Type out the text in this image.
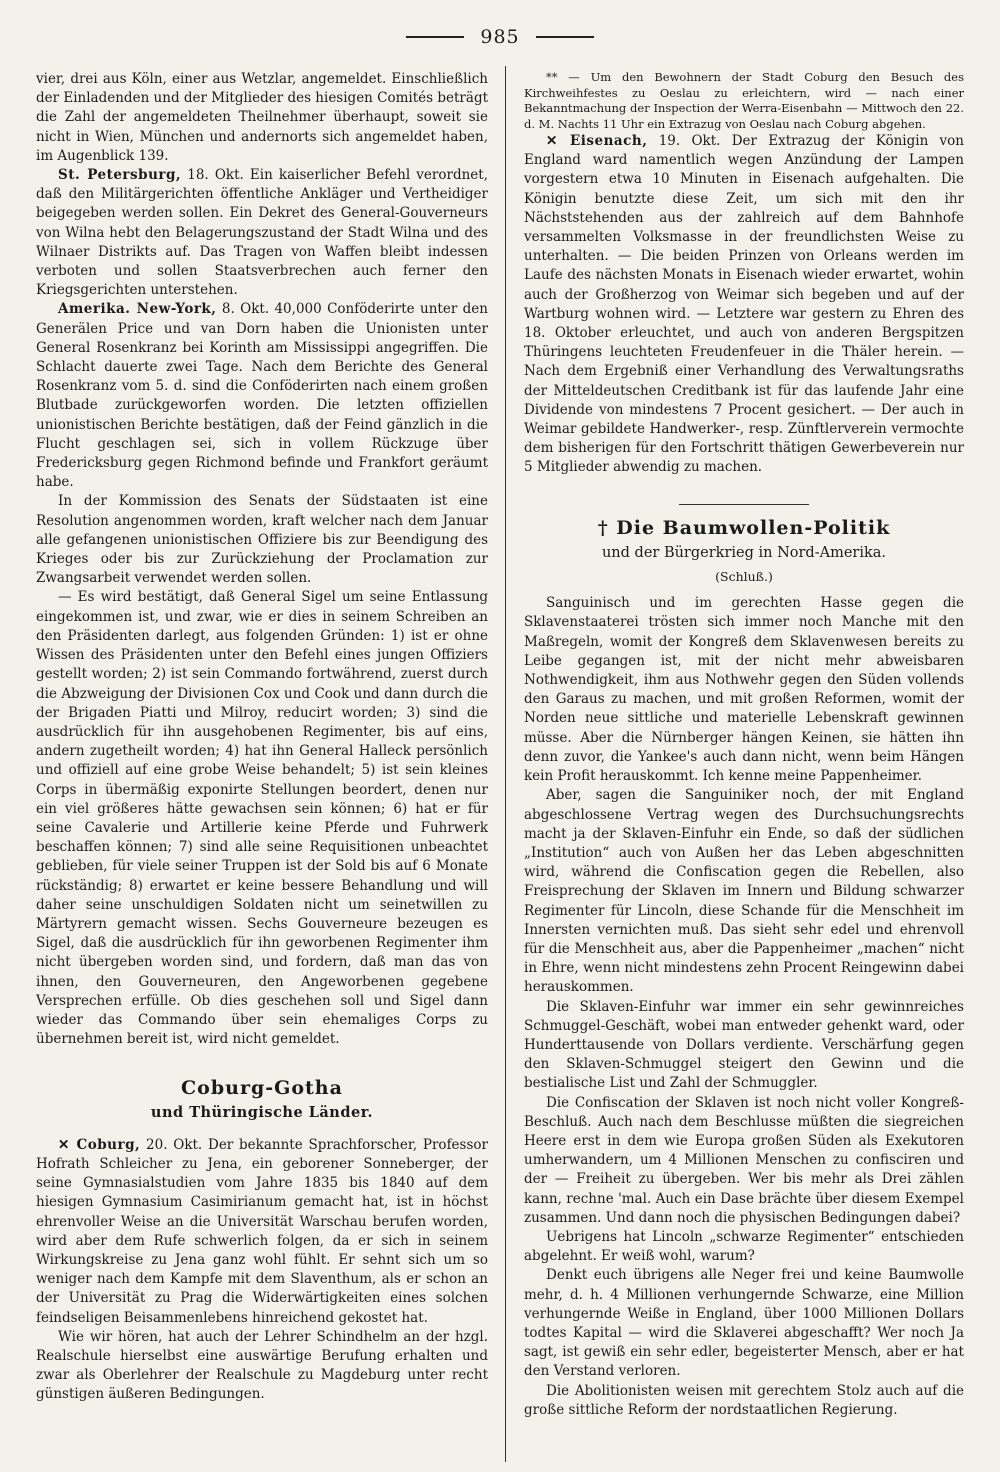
985

vier, drei aus Köln, einer aus Wetzlar, angemeldet. Einschließlich der Einladenden und der Mitglieder des hiesigen Comités beträgt die Zahl der angemeldeten Theilnehmer überhaupt, soweit sie nicht in Wien, München und andernorts sich angemeldet haben, im Augenblick 139.

St. Petersburg, 18. Okt. Ein kaiserlicher Befehl verordnet, daß den Militärgerichten öffentliche Ankläger und Vertheidiger beigegeben werden sollen. Ein Dekret des General-Gouverneurs von Wilna hebt den Belagerungszustand der Stadt Wilna und des Wilnaer Distrikts auf. Das Tragen von Waffen bleibt indessen verboten und sollen Staatsverbrechen auch ferner den Kriegsgerichten unterstehen.

Amerika. New-York, 8. Okt. 40,000 Conföderirte unter den Generälen Price und van Dorn haben die Unionisten unter General Rosenkranz bei Korinth am Mississippi angegriffen. Die Schlacht dauerte zwei Tage. Nach dem Berichte des General Rosenkranz vom 5. d. sind die Conföderirten nach einem großen Blutbade zurückgeworfen worden. Die letzten offiziellen unionistischen Berichte bestätigen, daß der Feind gänzlich in die Flucht geschlagen sei, sich in vollem Rückzuge über Fredericksburg gegen Richmond befinde und Frankfort geräumt habe.

In der Kommission des Senats der Südstaaten ist eine Resolution angenommen worden, kraft welcher nach dem Januar alle gefangenen unionistischen Offiziere bis zur Beendigung des Krieges oder bis zur Zurückziehung der Proclamation zur Zwangsarbeit verwendet werden sollen.

— Es wird bestätigt, daß General Sigel um seine Entlassung eingekommen ist, und zwar, wie er dies in seinem Schreiben an den Präsidenten darlegt, aus folgenden Gründen: 1) ist er ohne Wissen des Präsidenten unter den Befehl eines jungen Offiziers gestellt worden; 2) ist sein Commando fortwährend, zuerst durch die Abzweigung der Divisionen Cox und Cook und dann durch die der Brigaden Piatti und Milroy, reducirt worden; 3) sind die ausdrücklich für ihn ausgehobenen Regimenter, bis auf eins, andern zugetheilt worden; 4) hat ihn General Halleck persönlich und offiziell auf eine grobe Weise behandelt; 5) ist sein kleines Corps in übermäßig exponirte Stellungen beordert, denen nur ein viel größeres hätte gewachsen sein können; 6) hat er für seine Cavalerie und Artillerie keine Pferde und Fuhrwerk beschaffen können; 7) sind alle seine Requisitionen unbeachtet geblieben, für viele seiner Truppen ist der Sold bis auf 6 Monate rückständig; 8) erwartet er keine bessere Behandlung und will daher seine unschuldigen Soldaten nicht um seinetwillen zu Märtyrern gemacht wissen. Sechs Gouverneure bezeugen es Sigel, daß die ausdrücklich für ihn geworbenen Regimenter ihm nicht übergeben worden sind, und fordern, daß man das von ihnen, den Gouverneuren, den Angeworbenen gegebene Versprechen erfülle. Ob dies geschehen soll und Sigel dann wieder das Commando über sein ehemaliges Corps zu übernehmen bereit ist, wird nicht gemeldet.

Coburg-Gotha
und Thüringische Länder.

✕ Coburg, 20. Okt. Der bekannte Sprachforscher, Professor Hofrath Schleicher zu Jena, ein geborener Sonneberger, der seine Gymnasialstudien vom Jahre 1835 bis 1840 auf dem hiesigen Gymnasium Casimirianum gemacht hat, ist in höchst ehrenvoller Weise an die Universität Warschau berufen worden, wird aber dem Rufe schwerlich folgen, da er sich in seinem Wirkungskreise zu Jena ganz wohl fühlt. Er sehnt sich um so weniger nach dem Kampfe mit dem Slaventhum, als er schon an der Universität zu Prag die Widerwärtigkeiten eines solchen feindseligen Beisammenlebens hinreichend gekostet hat.

Wie wir hören, hat auch der Lehrer Schindhelm an der hzgl. Realschule hierselbst eine auswärtige Berufung erhalten und zwar als Oberlehrer der Realschule zu Magdeburg unter recht günstigen äußeren Bedingungen.

** — Um den Bewohnern der Stadt Coburg den Besuch des Kirchweihfestes zu Oeslau zu erleichtern, wird — nach einer Bekanntmachung der Inspection der Werra-Eisenbahn — Mittwoch den 22. d. M. Nachts 11 Uhr ein Extrazug von Oeslau nach Coburg abgehen.

✕ Eisenach, 19. Okt. Der Extrazug der Königin von England ward namentlich wegen Anzündung der Lampen vorgestern etwa 10 Minuten in Eisenach aufgehalten. Die Königin benutzte diese Zeit, um sich mit den ihr Nächststehenden aus der zahlreich auf dem Bahnhofe versammelten Volksmasse in der freundlichsten Weise zu unterhalten. — Die beiden Prinzen von Orleans werden im Laufe des nächsten Monats in Eisenach wieder erwartet, wohin auch der Großherzog von Weimar sich begeben und auf der Wartburg wohnen wird. — Letztere war gestern zu Ehren des 18. Oktober erleuchtet, und auch von anderen Bergspitzen Thüringens leuchteten Freudenfeuer in die Thäler herein. — Nach dem Ergebniß einer Verhandlung des Verwaltungsraths der Mitteldeutschen Creditbank ist für das laufende Jahr eine Dividende von mindestens 7 Procent gesichert. — Der auch in Weimar gebildete Handwerker-, resp. Zünftlerverein vermochte dem bisherigen für den Fortschritt thätigen Gewerbeverein nur 5 Mitglieder abwendig zu machen.

† Die Baumwollen-Politik
und der Bürgerkrieg in Nord-Amerika.
(Schluß.)

Sanguinisch und im gerechten Hasse gegen die Sklavenstaaterei trösten sich immer noch Manche mit den Maßregeln, womit der Kongreß dem Sklavenwesen bereits zu Leibe gegangen ist, mit der nicht mehr abweisbaren Nothwendigkeit, ihm aus Nothwehr gegen den Süden vollends den Garaus zu machen, und mit großen Reformen, womit der Norden neue sittliche und materielle Lebenskraft gewinnen müsse. Aber die Nürnberger hängen Keinen, sie hätten ihn denn zuvor, die Yankee's auch dann nicht, wenn beim Hängen kein Profit herauskommt. Ich kenne meine Pappenheimer.

Aber, sagen die Sanguiniker noch, der mit England abgeschlossene Vertrag wegen des Durchsuchungsrechts macht ja der Sklaven-Einfuhr ein Ende, so daß der südlichen „Institution“ auch von Außen her das Leben abgeschnitten wird, während die Confiscation gegen die Rebellen, also Freisprechung der Sklaven im Innern und Bildung schwarzer Regimenter für Lincoln, diese Schande für die Menschheit im Innersten vernichten muß. Das sieht sehr edel und ehrenvoll für die Menschheit aus, aber die Pappenheimer „machen“ nicht in Ehre, wenn nicht mindestens zehn Procent Reingewinn dabei herauskommen.

Die Sklaven-Einfuhr war immer ein sehr gewinnreiches Schmuggel-Geschäft, wobei man entweder gehenkt ward, oder Hunderttausende von Dollars verdiente. Verschärfung gegen den Sklaven-Schmuggel steigert den Gewinn und die bestialische List und Zahl der Schmuggler.

Die Confiscation der Sklaven ist noch nicht voller Kongreß-Beschluß. Auch nach dem Beschlusse müßten die siegreichen Heere erst in dem wie Europa großen Süden als Exekutoren umherwandern, um 4 Millionen Menschen zu confisciren und der — Freiheit zu übergeben. Wer bis mehr als Drei zählen kann, rechne 'mal. Auch ein Dase brächte über diesem Exempel zusammen. Und dann noch die physischen Bedingungen dabei?

Uebrigens hat Lincoln „schwarze Regimenter“ entschieden abgelehnt. Er weiß wohl, warum?

Denkt euch übrigens alle Neger frei und keine Baumwolle mehr, d. h. 4 Millionen verhungernde Schwarze, eine Million verhungernde Weiße in England, über 1000 Millionen Dollars todtes Kapital — wird die Sklaverei abgeschafft? Wer noch Ja sagt, ist gewiß ein sehr edler, begeisterter Mensch, aber er hat den Verstand verloren.

Die Abolitionisten weisen mit gerechtem Stolz auch auf die große sittliche Reform der nordstaatlichen Regierung.
